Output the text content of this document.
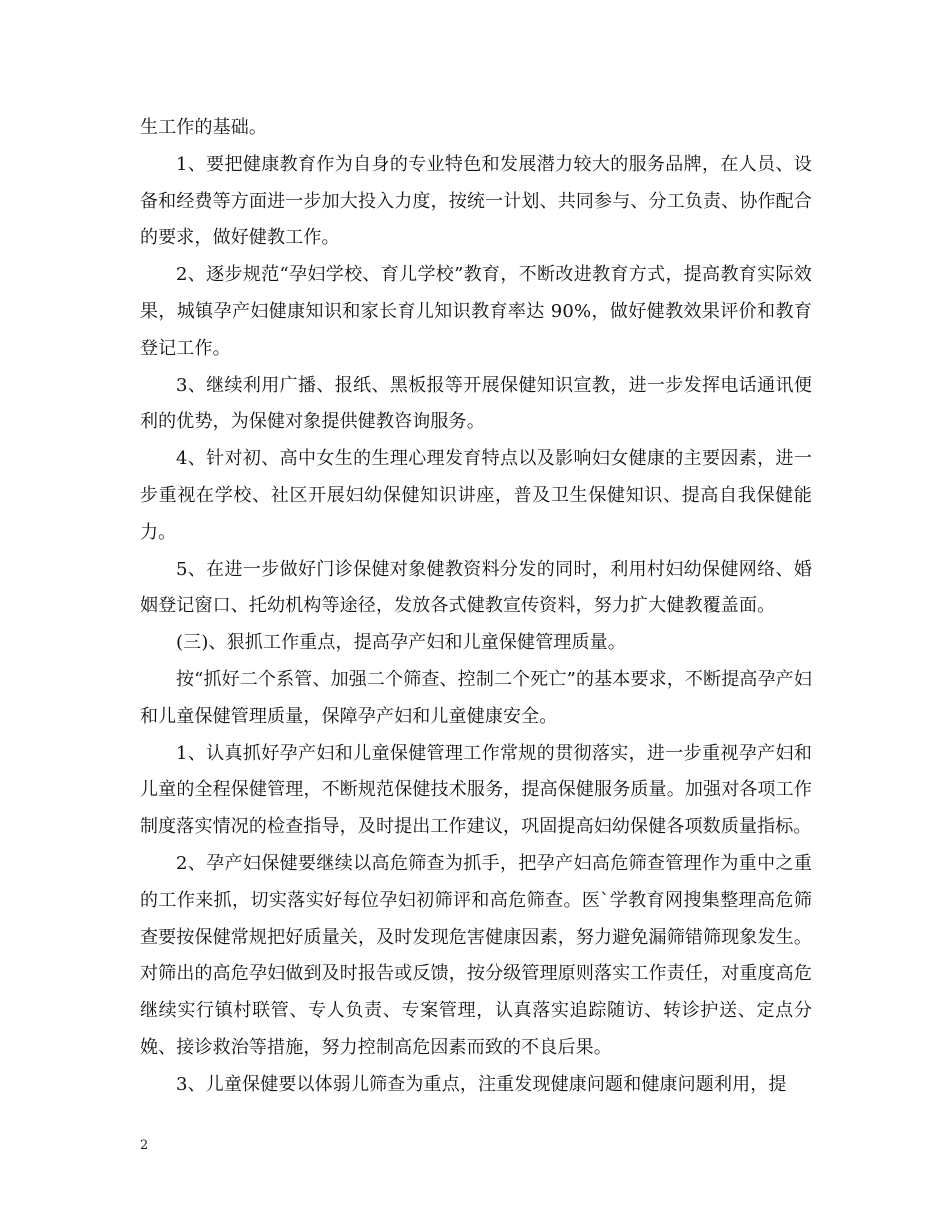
生工作的基础。

1、要把健康教育作为自身的专业特色和发展潜力较大的服务品牌，在人员、设备和经费等方面进一步加大投入力度，按统一计划、共同参与、分工负责、协作配合的要求，做好健教工作。

2、逐步规范“孕妇学校、育儿学校”教育，不断改进教育方式，提高教育实际效果，城镇孕产妇健康知识和家长育儿知识教育率达 90%，做好健教效果评价和教育登记工作。

3、继续利用广播、报纸、黑板报等开展保健知识宣教，进一步发挥电话通讯便利的优势，为保健对象提供健教咨询服务。

4、针对初、高中女生的生理心理发育特点以及影响妇女健康的主要因素，进一步重视在学校、社区开展妇幼保健知识讲座，普及卫生保健知识、提高自我保健能力。

5、在进一步做好门诊保健对象健教资料分发的同时，利用村妇幼保健网络、婚姻登记窗口、托幼机构等途径，发放各式健教宣传资料，努力扩大健教覆盖面。

(三)、狠抓工作重点，提高孕产妇和儿童保健管理质量。

按“抓好二个系管、加强二个筛查、控制二个死亡”的基本要求，不断提高孕产妇和儿童保健管理质量，保障孕产妇和儿童健康安全。

1、认真抓好孕产妇和儿童保健管理工作常规的贯彻落实，进一步重视孕产妇和儿童的全程保健管理，不断规范保健技术服务，提高保健服务质量。加强对各项工作制度落实情况的检查指导，及时提出工作建议，巩固提高妇幼保健各项数质量指标。

2、孕产妇保健要继续以高危筛查为抓手，把孕产妇高危筛查管理作为重中之重的工作来抓，切实落实好每位孕妇初筛评和高危筛查。医`学教育网搜集整理高危筛查要按保健常规把好质量关，及时发现危害健康因素，努力避免漏筛错筛现象发生。对筛出的高危孕妇做到及时报告或反馈，按分级管理原则落实工作责任，对重度高危继续实行镇村联管、专人负责、专案管理，认真落实追踪随访、转诊护送、定点分娩、接诊救治等措施，努力控制高危因素而致的不良后果。

3、儿童保健要以体弱儿筛查为重点，注重发现健康问题和健康问题利用，提

2
